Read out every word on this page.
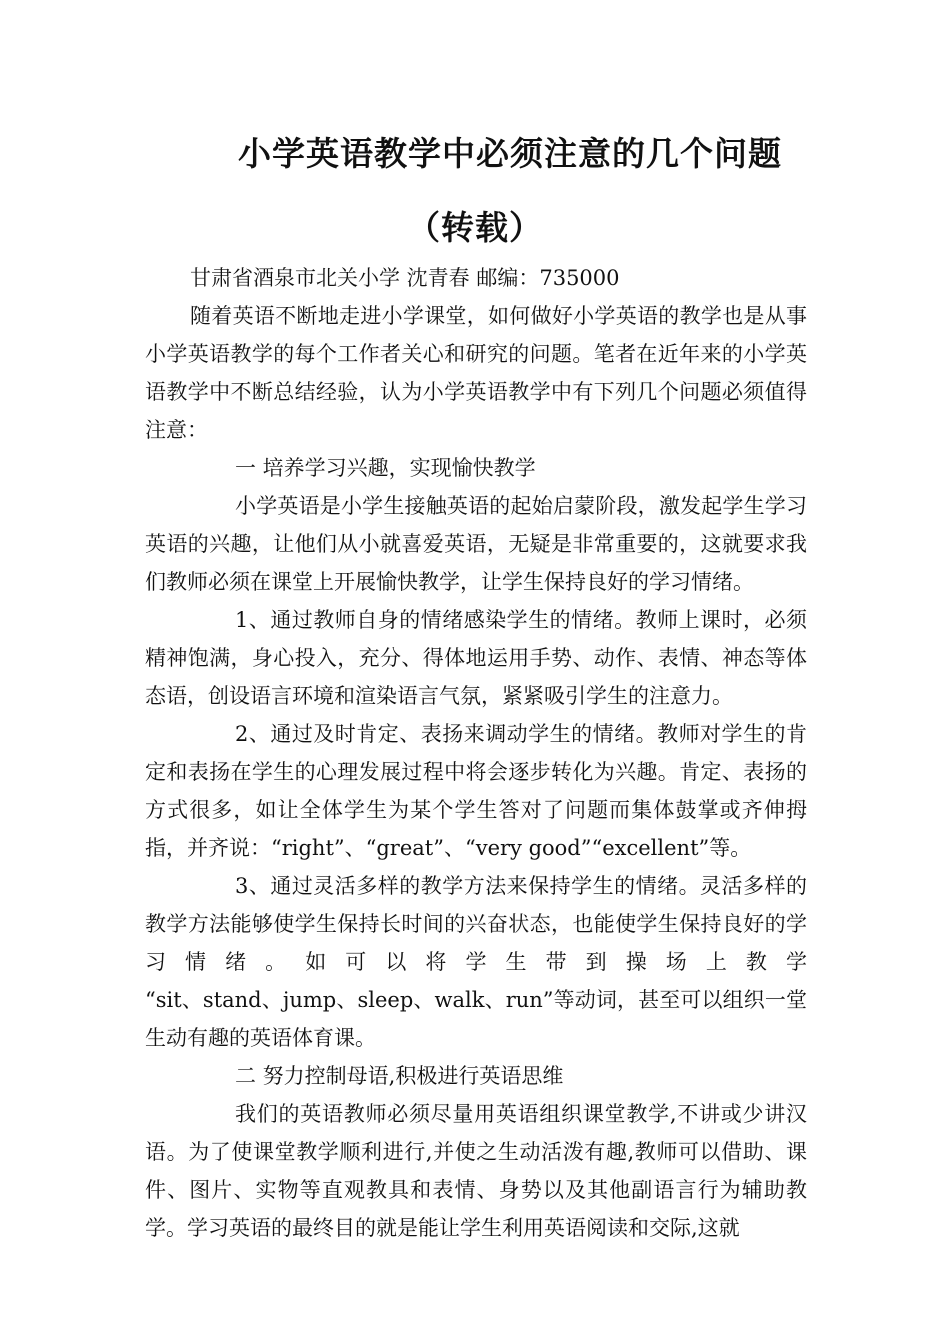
小学英语教学中必须注意的几个问题
（转载）

甘肃省酒泉市北关小学 沈青春 邮编：735000

随着英语不断地走进小学课堂，如何做好小学英语的教学也是从事小学英语教学的每个工作者关心和研究的问题。笔者在近年来的小学英语教学中不断总结经验，认为小学英语教学中有下列几个问题必须值得注意：

一 培养学习兴趣，实现愉快教学

小学英语是小学生接触英语的起始启蒙阶段，激发起学生学习英语的兴趣，让他们从小就喜爱英语，无疑是非常重要的，这就要求我们教师必须在课堂上开展愉快教学，让学生保持良好的学习情绪。

1、通过教师自身的情绪感染学生的情绪。教师上课时，必须精神饱满，身心投入，充分、得体地运用手势、动作、表情、神态等体态语，创设语言环境和渲染语言气氛，紧紧吸引学生的注意力。

2、通过及时肯定、表扬来调动学生的情绪。教师对学生的肯定和表扬在学生的心理发展过程中将会逐步转化为兴趣。肯定、表扬的方式很多，如让全体学生为某个学生答对了问题而集体鼓掌或齐伸拇指，并齐说：“right”、“great”、“very good”“excellent”等。

3、通过灵活多样的教学方法来保持学生的情绪。灵活多样的教学方法能够使学生保持长时间的兴奋状态，也能使学生保持良好的学习情绪。如可以将学生带到操场上教学

“sit、stand、jump、sleep、walk、run”等动词，甚至可以组织一堂生动有趣的英语体育课。

二 努力控制母语,积极进行英语思维

我们的英语教师必须尽量用英语组织课堂教学,不讲或少讲汉语。为了使课堂教学顺利进行,并使之生动活泼有趣,教师可以借助、课件、图片、实物等直观教具和表情、身势以及其他副语言行为辅助教学。学习英语的最终目的就是能让学生利用英语阅读和交际,这就
